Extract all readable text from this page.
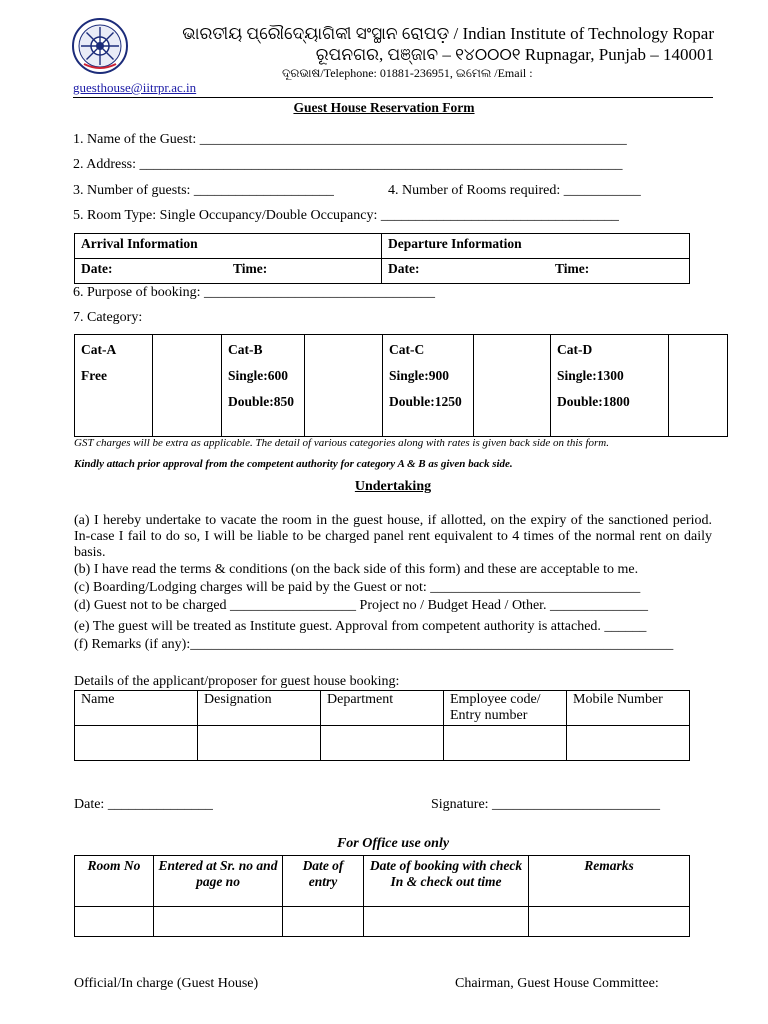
ଭାରତୀୟ ପ୍ରୌଦ୍ୟୋଗିକୀ ସଂସ୍ଥାନ ରୋପଡ଼ / Indian Institute of Technology Ropar
ରୂପନଗର, ପଞ୍ଜାବ – ୧୪୦୦୦୧ Rupnagar, Punjab – 140001
ଦୂରଭାଷ/Telephone: 01881-236951, ଇମେଲ /Email :
guesthouse@iitrpr.ac.in
Guest House Reservation Form
1. Name of the Guest: _____________________________________________________________
2. Address: _____________________________________________________________________
3. Number of guests: ____________________	4. Number of Rooms required: ___________
5. Room Type: Single Occupancy/Double Occupancy: __________________________________
Arrival Information	Departure Information
Date: Time:	Date: Time:
6. Purpose of booking: _________________________________
7. Category:
Cat-A
Free

Cat-B
Single:600
Double:850

Cat-C
Single:900
Double:1250

Cat-D
Single:1300
Double:1800

GST charges will be extra as applicable. The detail of various categories along with rates is given back side on this form.
Kindly attach prior approval from the competent authority for category A & B as given back side.
Undertaking
(a) I hereby undertake to vacate the room in the guest house, if allotted, on the expiry of the sanctioned period. In-case I fail to do so, I will be liable to be charged panel rent equivalent to 4 times of the normal rent on daily basis.
(b) I have read the terms & conditions (on the back side of this form) and these are acceptable to me.
(c) Boarding/Lodging charges will be paid by the Guest or not: ______________________________
(d) Guest not to be charged __________________ Project no / Budget Head / Other. ______________
(e) The guest will be treated as Institute guest. Approval from competent authority is attached. ______
(f) Remarks (if any):_____________________________________________________________________
Details of the applicant/proposer for guest house booking:
Name	Designation	Department	Employee code/ Entry number	Mobile Number

Date: _______________	Signature: ________________________
For Office use only
Room No	Entered at Sr. no and page no	Date of entry	Date of booking with check In & check out time	Remarks

Official/In charge (Guest House)	Chairman, Guest House Committee:
